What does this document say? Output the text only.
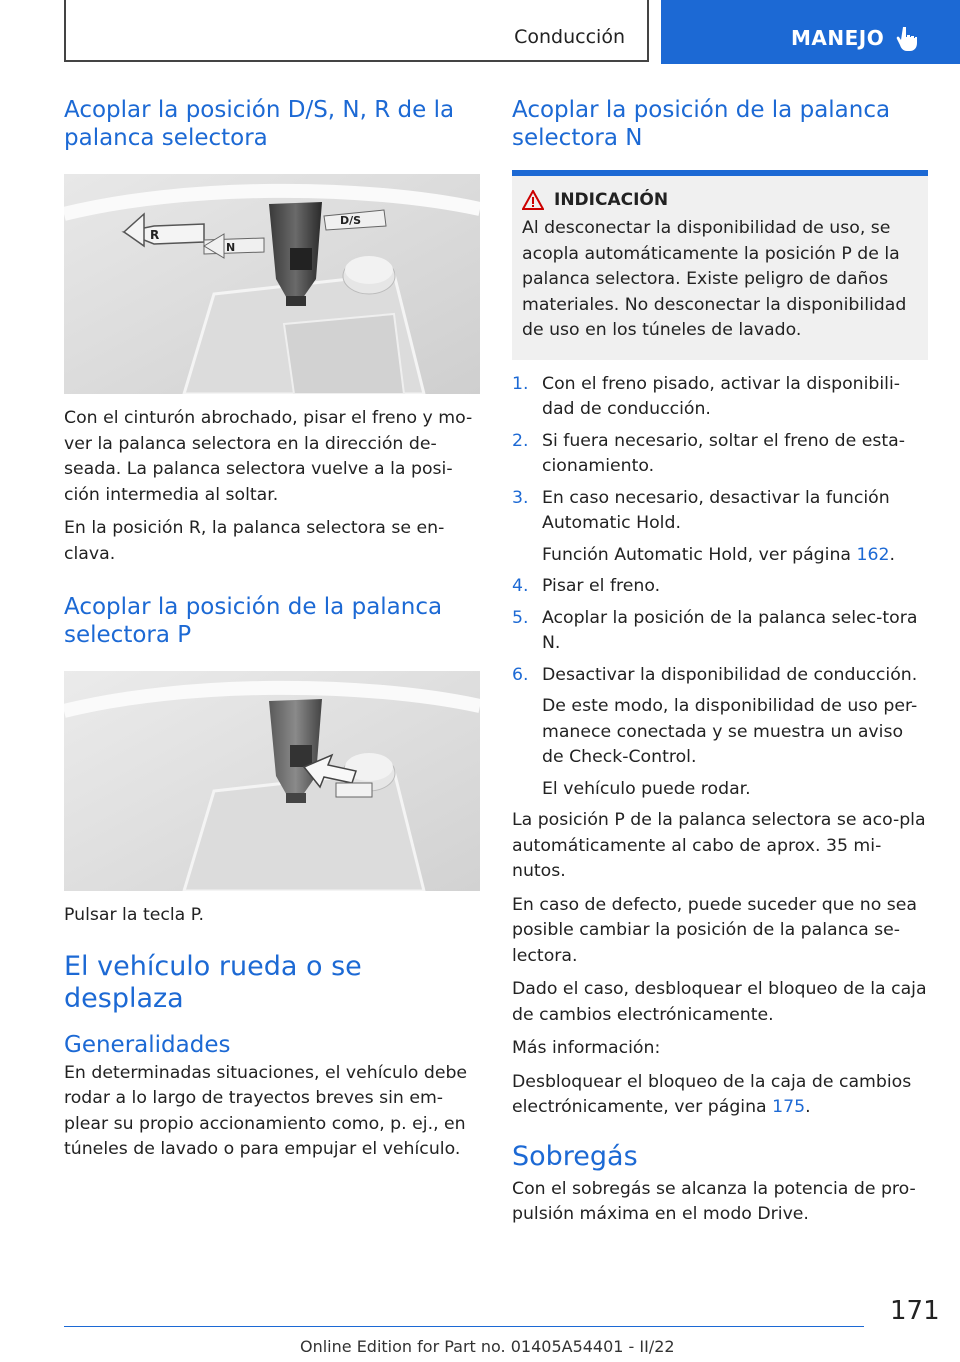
Conducción	MANEJO
Acoplar la posición D/S, N, R de la palanca selectora
R
N
D/S

Con el cinturón abrochado, pisar el freno y mo-ver la palanca selectora en la dirección de-seada. La palanca selectora vuelve a la posi-ción intermedia al soltar.

En la posición R, la palanca selectora se en-clava.

Acoplar la posición de la palanca selectora P

Pulsar la tecla P.

El vehículo rueda o se desplaza
Generalidades

En determinadas situaciones, el vehículo debe rodar a lo largo de trayectos breves sin em-plear su propio accionamiento como, p. ej., en túneles de lavado o para empujar el vehículo.

Acoplar la posición de la palanca selectora N
INDICACIÓN

Al desconectar la disponibilidad de uso, se acopla automáticamente la posición P de la palanca selectora. Existe peligro de daños materiales. No desconectar la disponibilidad de uso en los túneles de lavado.

1. Con el freno pisado, activar la disponibili-dad de conducción.
2. Si fuera necesario, soltar el freno de esta-cionamiento.
3. En caso necesario, desactivar la función Automatic Hold.
Función Automatic Hold, ver página 162.
4. Pisar el freno.
5. Acoplar la posición de la palanca selec-tora N.
6. Desactivar la disponibilidad de conducción.
De este modo, la disponibilidad de uso per-manece conectada y se muestra un aviso de Check-Control.
El vehículo puede rodar.

La posición P de la palanca selectora se aco-pla automáticamente al cabo de aprox. 35 mi-nutos.

En caso de defecto, puede suceder que no sea posible cambiar la posición de la palanca se-lectora.

Dado el caso, desbloquear el bloqueo de la caja de cambios electrónicamente.

Más información:

Desbloquear el bloqueo de la caja de cambios electrónicamente, ver página 175.

Sobregás

Con el sobregás se alcanza la potencia de pro-pulsión máxima en el modo Drive.

171
Online Edition for Part no. 01405A54401 - II/22
